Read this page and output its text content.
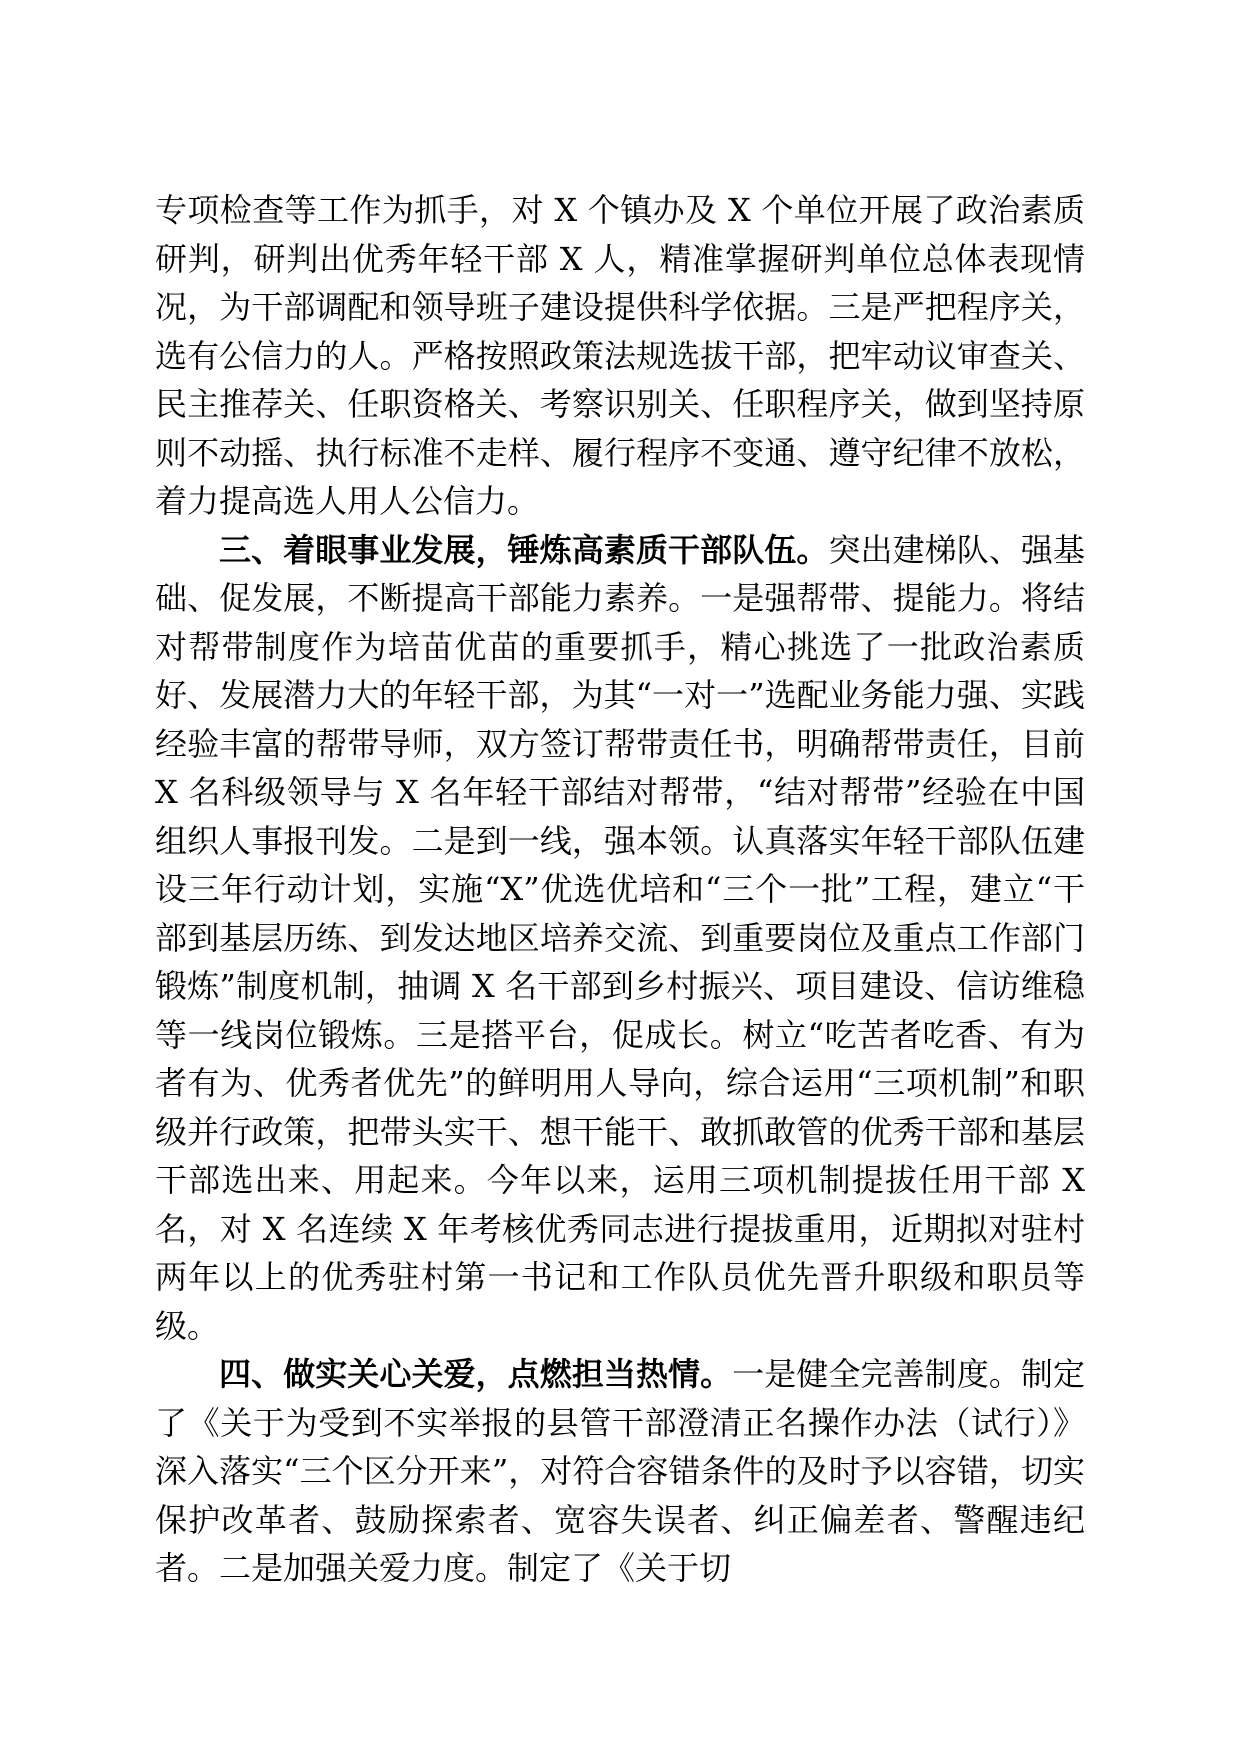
专项检查等工作为抓手，对 X 个镇办及 X 个单位开展了政治素质研判，研判出优秀年轻干部 X 人，精准掌握研判单位总体表现情况，为干部调配和领导班子建设提供科学依据。三是严把程序关，选有公信力的人。严格按照政策法规选拔干部，把牢动议审查关、民主推荐关、任职资格关、考察识别关、任职程序关，做到坚持原则不动摇、执行标准不走样、履行程序不变通、遵守纪律不放松，着力提高选人用人公信力。

三、着眼事业发展，锤炼高素质干部队伍。突出建梯队、强基础、促发展，不断提高干部能力素养。一是强帮带、提能力。将结对帮带制度作为培苗优苗的重要抓手，精心挑选了一批政治素质好、发展潜力大的年轻干部，为其“一对一”选配业务能力强、实践经验丰富的帮带导师，双方签订帮带责任书，明确帮带责任，目前 X 名科级领导与 X 名年轻干部结对帮带，“结对帮带”经验在中国组织人事报刊发。二是到一线，强本领。认真落实年轻干部队伍建设三年行动计划，实施“X”优选优培和“三个一批”工程，建立“干部到基层历练、到发达地区培养交流、到重要岗位及重点工作部门锻炼”制度机制，抽调 X 名干部到乡村振兴、项目建设、信访维稳等一线岗位锻炼。三是搭平台，促成长。树立“吃苦者吃香、有为者有为、优秀者优先”的鲜明用人导向，综合运用“三项机制”和职级并行政策，把带头实干、想干能干、敢抓敢管的优秀干部和基层干部选出来、用起来。今年以来，运用三项机制提拔任用干部 X 名，对 X 名连续 X 年考核优秀同志进行提拔重用，近期拟对驻村两年以上的优秀驻村第一书记和工作队员优先晋升职级和职员等级。

四、做实关心关爱，点燃担当热情。一是健全完善制度。制定了《关于为受到不实举报的县管干部澄清正名操作办法（试行）》深入落实“三个区分开来”，对符合容错条件的及时予以容错，切实保护改革者、鼓励探索者、宽容失误者、纠正偏差者、警醒违纪者。二是加强关爱力度。制定了《关于切
